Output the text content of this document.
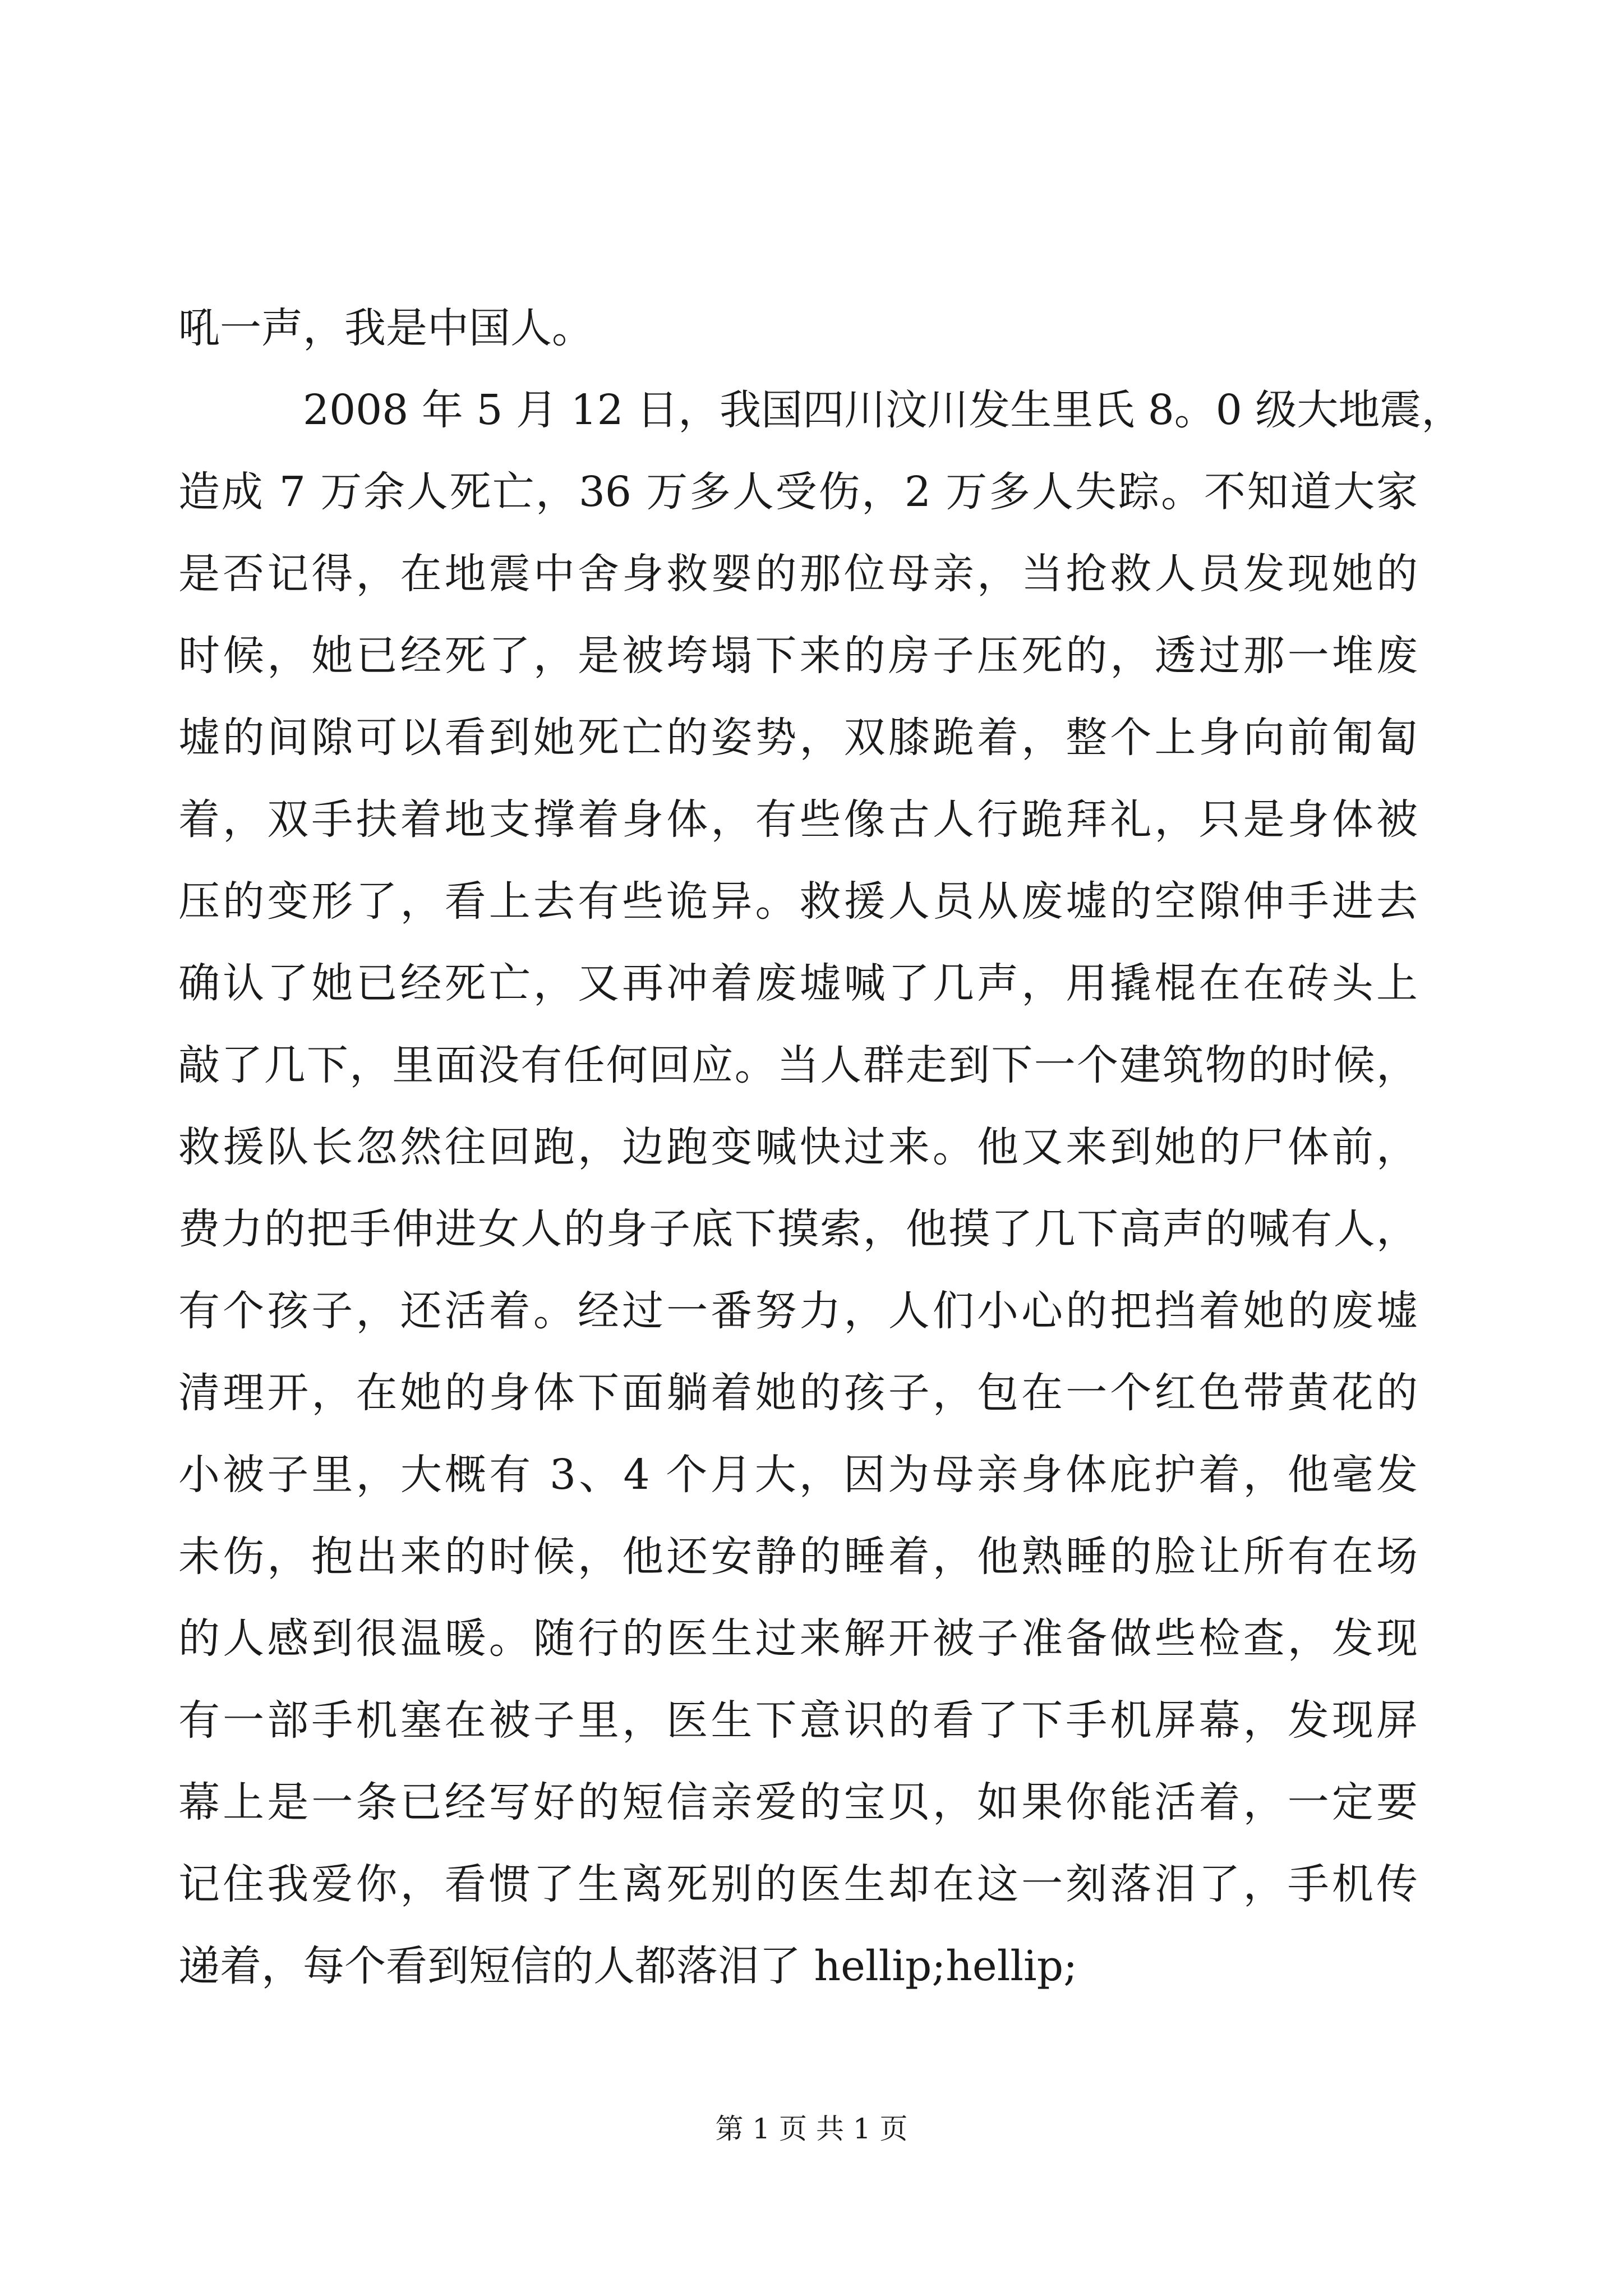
吼一声，我是中国人。
2008 年 5 月 12 日，我国四川汶川发生里氏 8。0 级大地震，
造成 7 万余人死亡，36 万多人受伤，2 万多人失踪。不知道大家
是否记得，在地震中舍身救婴的那位母亲，当抢救人员发现她的
时候，她已经死了，是被垮塌下来的房子压死的，透过那一堆废
墟的间隙可以看到她死亡的姿势，双膝跪着，整个上身向前匍匐
着，双手扶着地支撑着身体，有些像古人行跪拜礼，只是身体被
压的变形了，看上去有些诡异。救援人员从废墟的空隙伸手进去
确认了她已经死亡，又再冲着废墟喊了几声，用撬棍在在砖头上
敲了几下，里面没有任何回应。当人群走到下一个建筑物的时候，
救援队长忽然往回跑，边跑变喊快过来。他又来到她的尸体前，
费力的把手伸进女人的身子底下摸索，他摸了几下高声的喊有人，
有个孩子，还活着。经过一番努力，人们小心的把挡着她的废墟
清理开，在她的身体下面躺着她的孩子，包在一个红色带黄花的
小被子里，大概有 3、4 个月大，因为母亲身体庇护着，他毫发
未伤，抱出来的时候，他还安静的睡着，他熟睡的脸让所有在场
的人感到很温暖。随行的医生过来解开被子准备做些检查，发现
有一部手机塞在被子里，医生下意识的看了下手机屏幕，发现屏
幕上是一条已经写好的短信亲爱的宝贝，如果你能活着，一定要
记住我爱你，看惯了生离死别的医生却在这一刻落泪了，手机传
递着，每个看到短信的人都落泪了 hellip;hellip;
第 1 页 共 1 页
